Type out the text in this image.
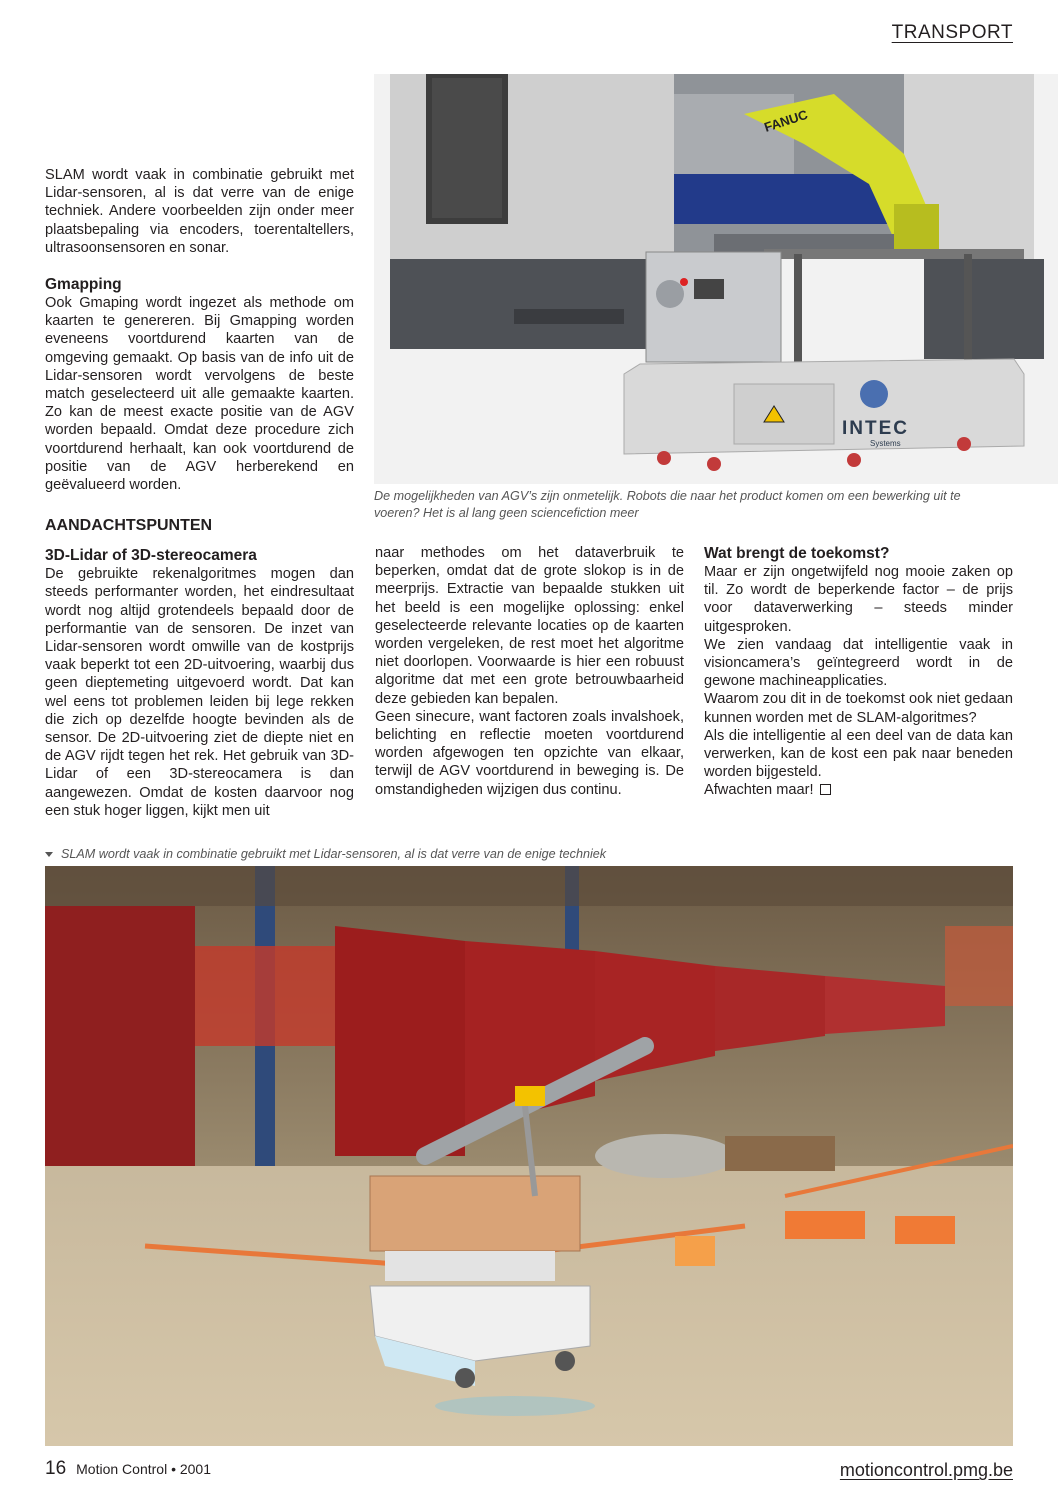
TRANSPORT
FANUC
INTEC
Systems
De mogelijkheden van AGV’s zijn onmetelijk. Robots die naar het product komen om een bewerking uit te voeren? Het is al lang geen sciencefiction meer

SLAM wordt vaak in combinatie gebruikt met Lidar-sensoren, al is dat verre van de enige techniek. Andere voorbeelden zijn onder meer plaatsbepaling via encoders, toerentaltellers, ultrasoonsensoren en sonar.

Gmapping

Ook Gmaping wordt ingezet als methode om kaarten te genereren. Bij Gmapping worden eveneens voortdurend kaarten van de omgeving gemaakt. Op basis van de info uit de Lidar-sensoren wordt vervolgens de beste match geselecteerd uit alle gemaakte kaarten. Zo kan de meest exacte positie van de AGV worden bepaald. Omdat deze procedure zich voortdurend herhaalt, kan ook voortdurend de positie van de AGV herberekend en geëvalueerd worden.

AANDACHTSPUNTEN
3D-Lidar of 3D-stereocamera

De gebruikte rekenalgoritmes mogen dan steeds performanter worden, het eindresultaat wordt nog altijd grotendeels bepaald door de performantie van de sensoren. De inzet van Lidar-sensoren wordt omwille van de kostprijs vaak beperkt tot een 2D-uitvoering, waarbij dus geen dieptemeting uitgevoerd wordt. Dat kan wel eens tot problemen leiden bij lege rekken die zich op dezelfde hoogte bevinden als de sensor. De 2D-uitvoering ziet de diepte niet en de AGV rijdt tegen het rek. Het gebruik van 3D-Lidar of een 3D-stereocamera is dan aangewezen. Omdat de kosten daarvoor nog een stuk hoger liggen, kijkt men uit

naar methodes om het dataverbruik te beperken, omdat dat de grote slokop is in de meerprijs. Extractie van bepaalde stukken uit het beeld is een mogelijke oplossing: enkel geselecteerde relevante locaties op de kaarten worden vergeleken, de rest moet het algoritme niet doorlopen. Voorwaarde is hier een robuust algoritme dat met een grote betrouwbaarheid deze gebieden kan bepalen.

Geen sinecure, want factoren zoals invalshoek, belichting en reflectie moeten voortdurend worden afgewogen ten opzichte van elkaar, terwijl de AGV voortdurend in beweging is. De omstandigheden wijzigen dus continu.

Wat brengt de toekomst?

Maar er zijn ongetwijfeld nog mooie zaken op til. Zo wordt de beperkende factor – de prijs voor dataverwerking – steeds minder uitgesproken.

We zien vandaag dat intelligentie vaak in visioncamera’s geïntegreerd wordt in de gewone machineapplicaties.

Waarom zou dit in de toekomst ook niet gedaan kunnen worden met de SLAM-algoritmes?

Als die intelligentie al een deel van de data kan verwerken, kan de kost een pak naar beneden worden bijgesteld.

Afwachten maar!

SLAM wordt vaak in combinatie gebruikt met Lidar-sensoren, al is dat verre van de enige techniek
16 Motion Control • 2001	motioncontrol.pmg.be
